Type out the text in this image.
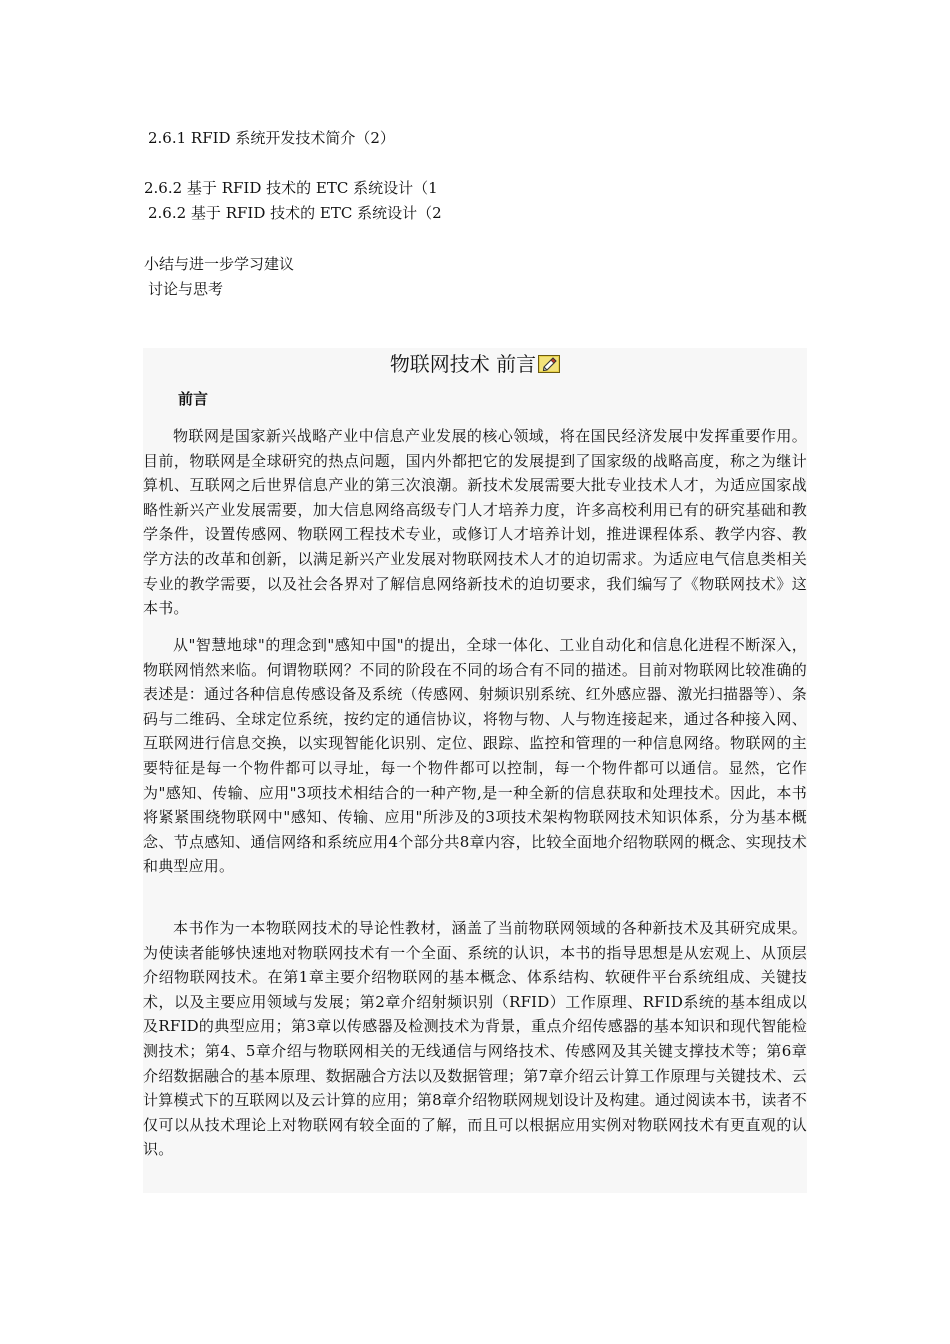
2.6.1 RFID 系统开发技术简介（2）
2.6.2 基于 RFID 技术的 ETC 系统设计（1
2.6.2 基于 RFID 技术的 ETC 系统设计（2
小结与进一步学习建议
讨论与思考
物联网技术 前言
前言

物联网是国家新兴战略产业中信息产业发展的核心领域，将在国民经济发展中发挥重要作用。目前，物联网是全球研究的热点问题，国内外都把它的发展提到了国家级的战略高度，称之为继计算机、互联网之后世界信息产业的第三次浪潮。新技术发展需要大批专业技术人才，为适应国家战略性新兴产业发展需要，加大信息网络高级专门人才培养力度，许多高校利用已有的研究基础和教学条件，设置传感网、物联网工程技术专业，或修订人才培养计划，推进课程体系、教学内容、教学方法的改革和创新，以满足新兴产业发展对物联网技术人才的迫切需求。为适应电气信息类相关专业的教学需要，以及社会各界对了解信息网络新技术的迫切要求，我们编写了《物联网技术》这本书。

从"智慧地球"的理念到"感知中国"的提出，全球一体化、工业自动化和信息化进程不断深入，物联网悄然来临。何谓物联网？不同的阶段在不同的场合有不同的描述。目前对物联网比较准确的表述是：通过各种信息传感设备及系统（传感网、射频识别系统、红外感应器、激光扫描器等）、条码与二维码、全球定位系统，按约定的通信协议，将物与物、人与物连接起来，通过各种接入网、互联网进行信息交换，以实现智能化识别、定位、跟踪、监控和管理的一种信息网络。物联网的主要特征是每一个物件都可以寻址，每一个物件都可以控制，每一个物件都可以通信。显然，它作为"感知、传输、应用"3项技术相结合的一种产物,是一种全新的信息获取和处理技术。因此，本书将紧紧围绕物联网中"感知、传输、应用"所涉及的3项技术架构物联网技术知识体系，分为基本概念、节点感知、通信网络和系统应用4个部分共8章内容，比较全面地介绍物联网的概念、实现技术和典型应用。

本书作为一本物联网技术的导论性教材，涵盖了当前物联网领域的各种新技术及其研究成果。为使读者能够快速地对物联网技术有一个全面、系统的认识，本书的指导思想是从宏观上、从顶层介绍物联网技术。在第1章主要介绍物联网的基本概念、体系结构、软硬件平台系统组成、关键技术，以及主要应用领域与发展；第2章介绍射频识别（RFID）工作原理、RFID系统的基本组成以及RFID的典型应用；第3章以传感器及检测技术为背景，重点介绍传感器的基本知识和现代智能检测技术；第4、5章介绍与物联网相关的无线通信与网络技术、传感网及其关键支撑技术等；第6章介绍数据融合的基本原理、数据融合方法以及数据管理；第7章介绍云计算工作原理与关键技术、云计算模式下的互联网以及云计算的应用；第8章介绍物联网规划设计及构建。通过阅读本书，读者不仅可以从技术理论上对物联网有较全面的了解，而且可以根据应用实例对物联网技术有更直观的认识。
